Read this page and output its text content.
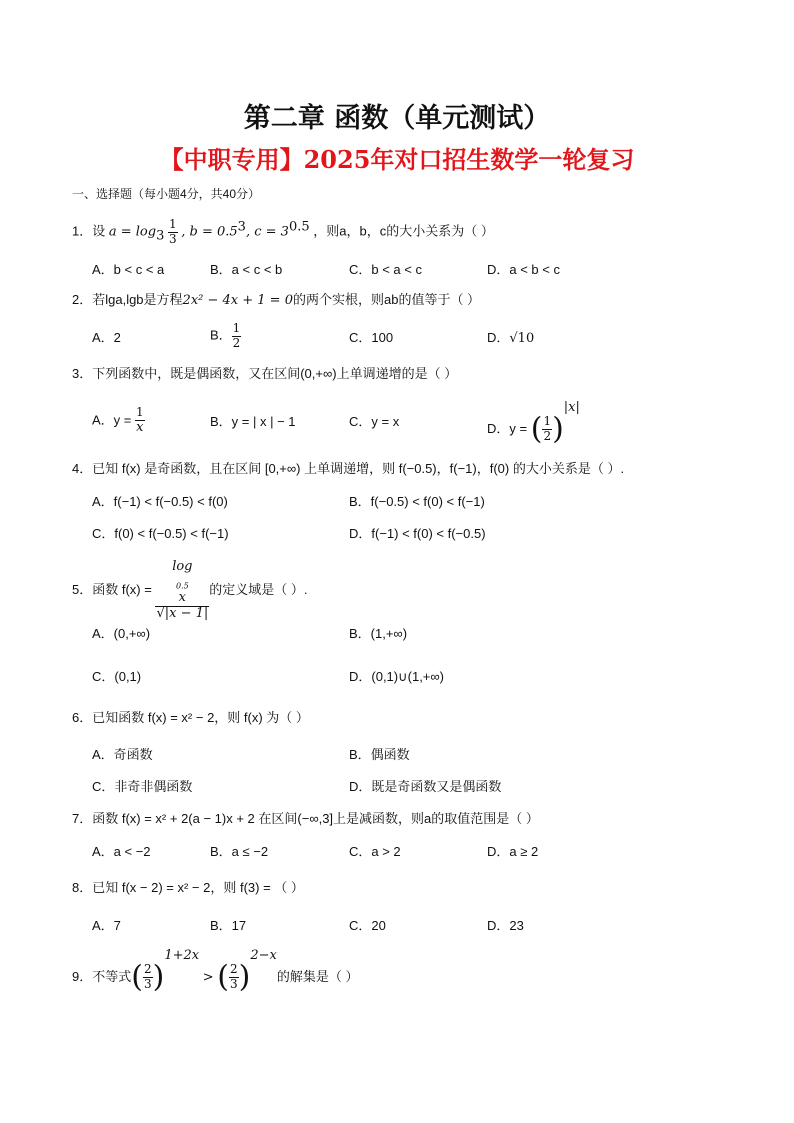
第二章 函数（单元测试）
【中职专用】2025年对口招生数学一轮复习
一、选择题（每小题4分，共40分）
1．设 $a = \log_3 \frac{1}{3}$ , $b = 0.5^3$, $c = 3^{0.5}$ ，则a，b，c的大小关系为（ ）
A．b < c < a	B．a < c < b	C．b < a < c	D．a < b < c
2．若lga,lgb是方程2x² − 4x + 1 = 0的两个实根，则ab的值等于（ ）
A．2	B． $\frac{1}{2}$	C．100	D．√10
3．下列函数中，既是偶函数，又在区间(0,+∞)上单调递增的是（ ）
A．$y = \frac{1}{x}$	B．y = | x | − 1	C．y = x	D．y = ( $\frac{1}{2} )^{|x|}$
4．已知 f(x) 是奇函数，且在区间 [0,+∞) 上单调递增，则 f(−0.5)，f(−1)，f(0) 的大小关系是（ ）.
A．f(−1) < f(−0.5) < f(0)	B．f(−0.5) < f(0) < f(−1)
C．f(0) < f(−0.5) < f(−1)	D．f(−1) < f(0) < f(−0.5)
5．函数 f(x) = log
$_{0.5}$
x
√|x − 1| 的定义域是（ ）.
A．(0,+∞)	B．(1,+∞)
C．(0,1)	D．(0,1)∪(1,+∞)
6．已知函数 f(x) = x² − 2，则 f(x) 为（ ）
A．奇函数	B．偶函数
C．非奇非偶函数	D．既是奇函数又是偶函数
7．函数 f(x) = x² + 2(a − 1)x + 2 在区间(−∞,3]上是减函数，则a的取值范围是（ ）
A．a < −2	B．a ≤ −2	C．a > 2	D．a ≥ 2
8．已知 f(x − 2) = x² − 2，则 f(3) = （ ）
A．7	B．17	C．20	D．23
9．不等式( $\frac{2}{3} )^{1+2x}$ > ( $\frac{2}{3} )^{2-x}$的解集是（ ）
